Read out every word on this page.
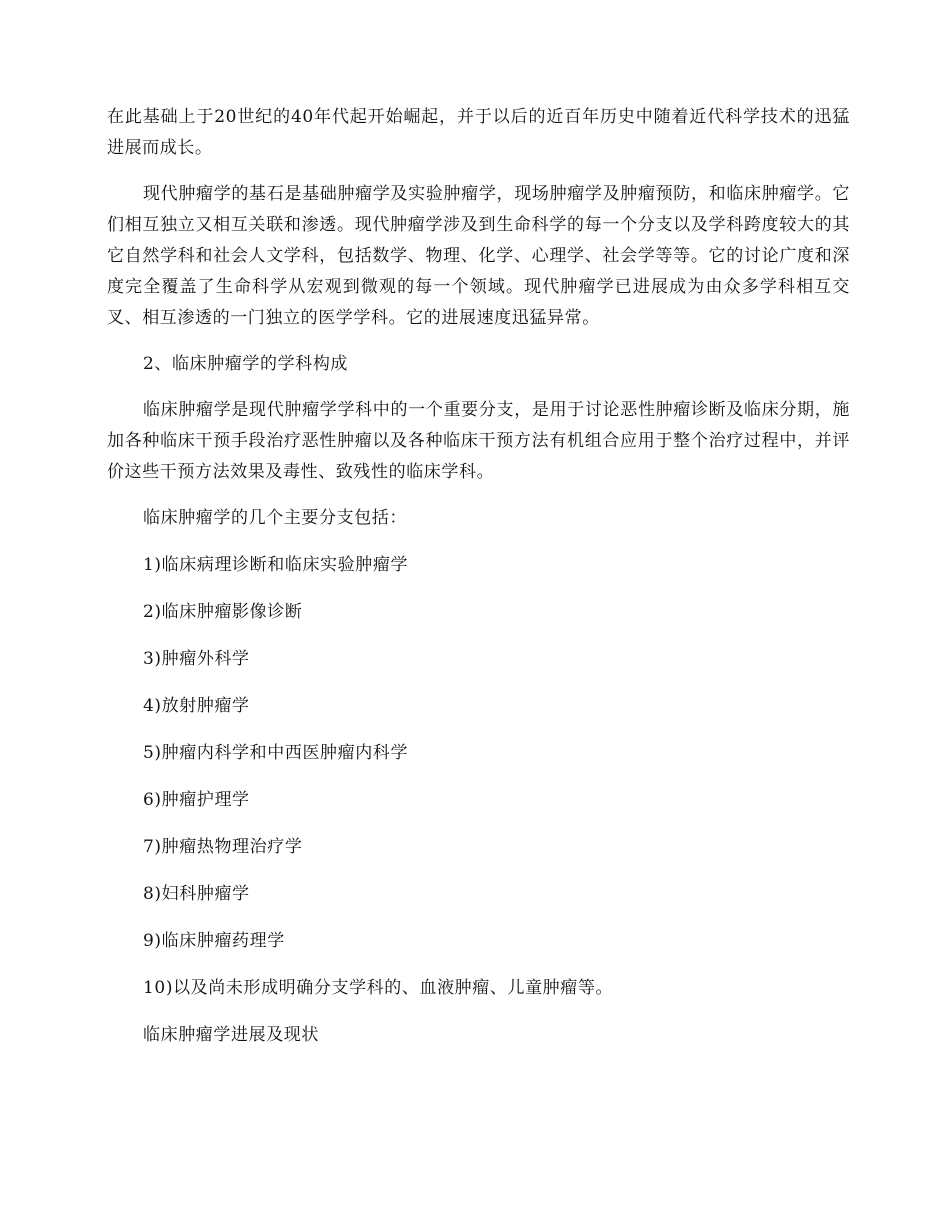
在此基础上于20世纪的40年代起开始崛起，并于以后的近百年历史中随着近代科学技术的迅猛进展而成长。

现代肿瘤学的基石是基础肿瘤学及实验肿瘤学，现场肿瘤学及肿瘤预防，和临床肿瘤学。它们相互独立又相互关联和渗透。现代肿瘤学涉及到生命科学的每一个分支以及学科跨度较大的其它自然学科和社会人文学科，包括数学、物理、化学、心理学、社会学等等。它的讨论广度和深度完全覆盖了生命科学从宏观到微观的每一个领域。现代肿瘤学已进展成为由众多学科相互交叉、相互渗透的一门独立的医学学科。它的进展速度迅猛异常。

2、临床肿瘤学的学科构成

临床肿瘤学是现代肿瘤学学科中的一个重要分支，是用于讨论恶性肿瘤诊断及临床分期，施加各种临床干预手段治疗恶性肿瘤以及各种临床干预方法有机组合应用于整个治疗过程中，并评价这些干预方法效果及毒性、致残性的临床学科。

临床肿瘤学的几个主要分支包括：

1)临床病理诊断和临床实验肿瘤学

2)临床肿瘤影像诊断

3)肿瘤外科学

4)放射肿瘤学

5)肿瘤内科学和中西医肿瘤内科学

6)肿瘤护理学

7)肿瘤热物理治疗学

8)妇科肿瘤学

9)临床肿瘤药理学

10)以及尚未形成明确分支学科的、血液肿瘤、儿童肿瘤等。

临床肿瘤学进展及现状
